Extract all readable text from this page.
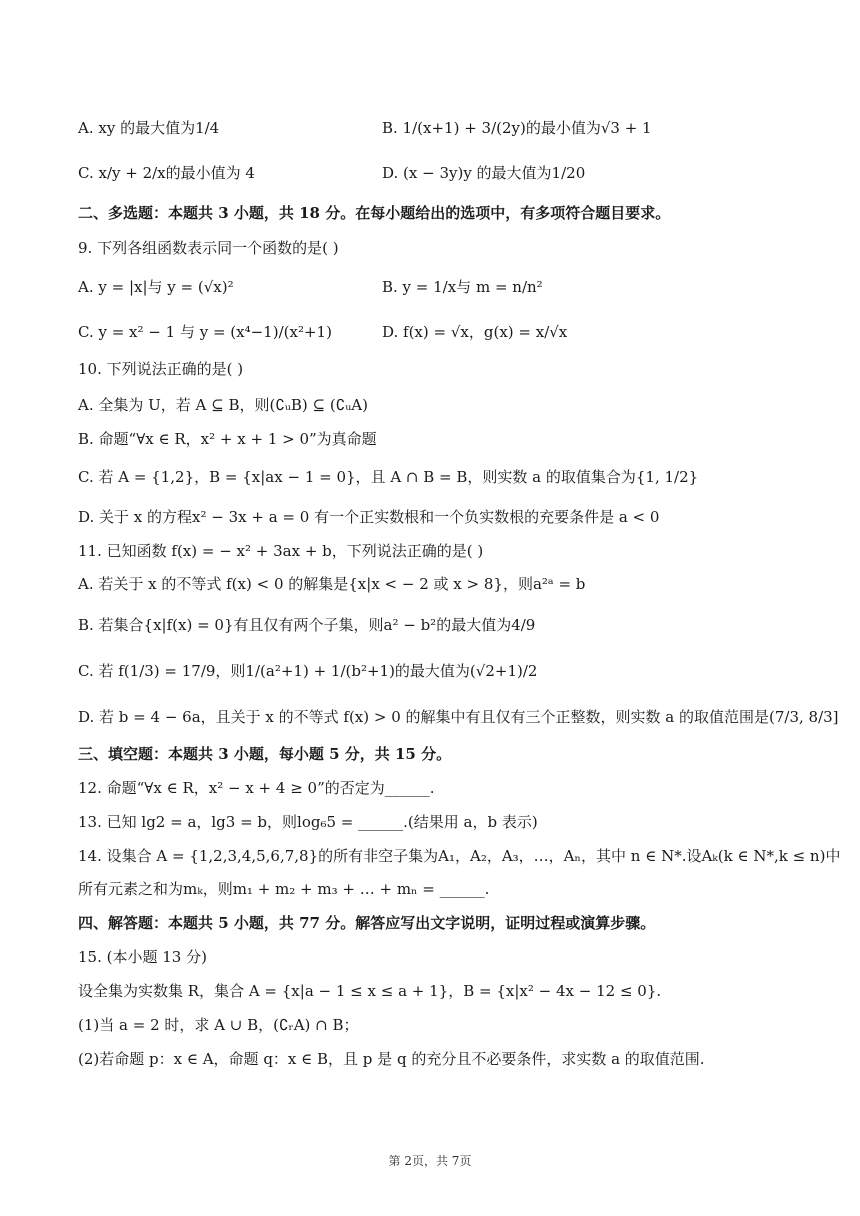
A. xy 的最大值为1/4	B. 1/(x+1) + 3/(2y)的最小值为√3 + 1
C. x/y + 2/x的最小值为 4	D. (x − 3y)y 的最大值为1/20
二、多选题：本题共 3 小题，共 18 分。在每小题给出的选项中，有多项符合题目要求。
9. 下列各组函数表示同一个函数的是( )
A. y = |x|与 y = (√x)²	B. y = 1/x与 m = n/n²
C. y = x² − 1 与 y = (x⁴−1)/(x²+1)	D. f(x) = √x，g(x) = x/√x
10. 下列说法正确的是( )
A. 全集为 U，若 A ⊆ B，则(∁ᵤB) ⊆ (∁ᵤA)
B. 命题“∀x ∈ R，x² + x + 1 > 0”为真命题
C. 若 A = {1,2}，B = {x|ax − 1 = 0}，且 A ∩ B = B，则实数 a 的取值集合为{1, 1/2}
D. 关于 x 的方程x² − 3x + a = 0 有一个正实数根和一个负实数根的充要条件是 a < 0
11. 已知函数 f(x) = − x² + 3ax + b，下列说法正确的是( )
A. 若关于 x 的不等式 f(x) < 0 的解集是{x|x < − 2 或 x > 8}，则a²ᵃ = b
B. 若集合{x|f(x) = 0}有且仅有两个子集，则a² − b²的最大值为4/9
C. 若 f(1/3) = 17/9，则1/(a²+1) + 1/(b²+1)的最大值为(√2+1)/2
D. 若 b = 4 − 6a，且关于 x 的不等式 f(x) > 0 的解集中有且仅有三个正整数，则实数 a 的取值范围是(7/3, 8/3]
三、填空题：本题共 3 小题，每小题 5 分，共 15 分。
12. 命题“∀x ∈ R，x² − x + 4 ≥ 0”的否定为______.
13. 已知 lg2 = a，lg3 = b，则log₆5 = ______.(结果用 a，b 表示)
14. 设集合 A = {1,2,3,4,5,6,7,8}的所有非空子集为A₁，A₂，A₃，…，Aₙ，其中 n ∈ N*.设Aₖ(k ∈ N*,k ≤ n)中
所有元素之和为mₖ，则m₁ + m₂ + m₃ + … + mₙ = ______.
四、解答题：本题共 5 小题，共 77 分。解答应写出文字说明，证明过程或演算步骤。
15. (本小题 13 分)
设全集为实数集 R，集合 A = {x|a − 1 ≤ x ≤ a + 1}，B = {x|x² − 4x − 12 ≤ 0}.
(1)当 a = 2 时，求 A ∪ B，(∁ᵣA) ∩ B；
(2)若命题 p：x ∈ A，命题 q：x ∈ B，且 p 是 q 的充分且不必要条件，求实数 a 的取值范围.
第 2页，共 7页
